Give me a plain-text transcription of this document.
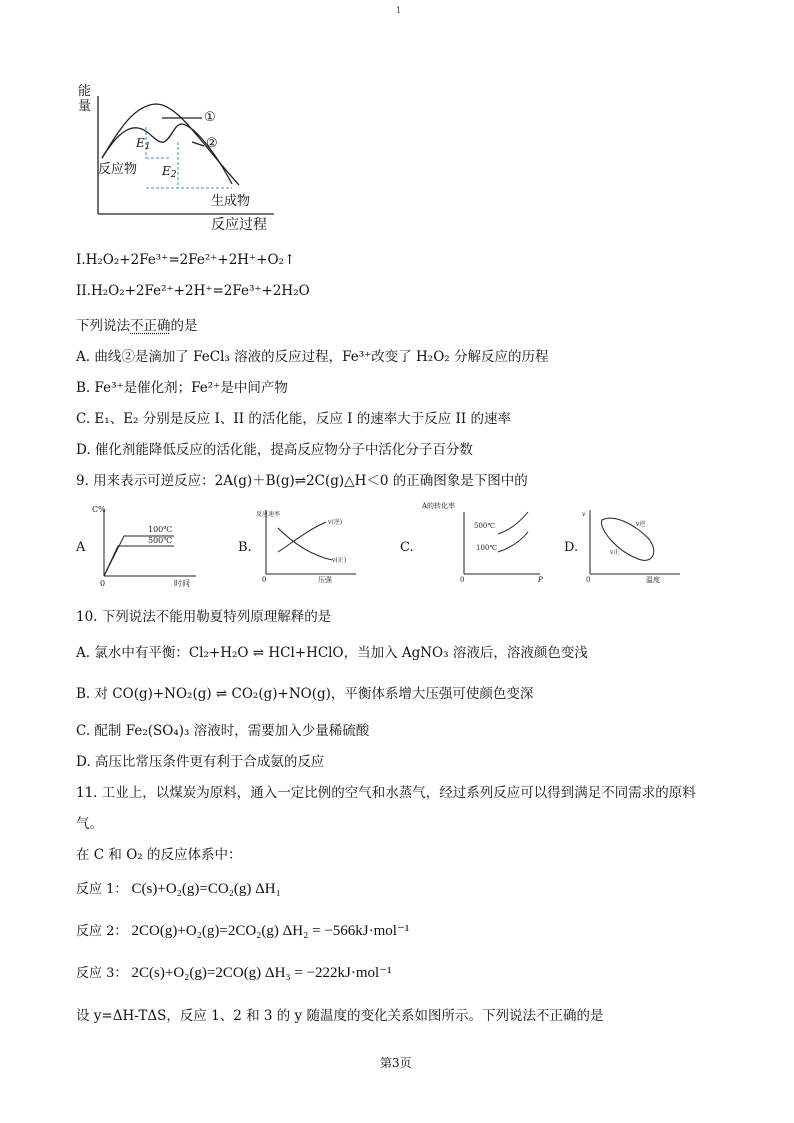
1
能量
①
②
$E_1$
$E_2$
反应物
生成物
反应过程
I.H₂O₂+2Fe³⁺=2Fe²⁺+2H⁺+O₂↑
II.H₂O₂+2Fe²⁺+2H⁺=2Fe³⁺+2H₂O
下列说法不正确的是
A. 曲线②是滴加了 FeCl₃ 溶液的反应过程，Fe³⁺改变了 H₂O₂ 分解反应的历程
B. Fe³⁺是催化剂；Fe²⁺是中间产物
C. E₁、E₂ 分别是反应 I、II 的活化能，反应 I 的速率大于反应 II 的速率
D. 催化剂能降低反应的活化能，提高反应物分子中活化分子百分数
9. 用来表示可逆反应：2A(g)＋B(g)⇌2C(g)△H＜0 的正确图象是下图中的
A
C%
100℃
500℃
0	时间
B.
反应速率
v(逆)
v(正)
0	压强
C.
A的转化率
500℃
100℃
0	P
D.
v
v逆
v正
0	温度
10. 下列说法不能用勒夏特列原理解释的是
A. 氯水中有平衡：Cl₂+H₂O ⇌ HCl+HClO，当加入 AgNO₃ 溶液后，溶液颜色变浅
B. 对 CO(g)+NO₂(g) ⇌ CO₂(g)+NO(g)，平衡体系增大压强可使颜色变深
C. 配制 Fe₂(SO₄)₃ 溶液时，需要加入少量稀硫酸
D. 高压比常压条件更有利于合成氨的反应
11. 工业上，以煤炭为原料，通入一定比例的空气和水蒸气，经过系列反应可以得到满足不同需求的原料
气。
在 C 和 O₂ 的反应体系中：
反应 1： C(s)+O₂(g)=CO₂(g) ΔH₁
反应 2： 2CO(g)+O₂(g)=2CO₂(g) ΔH₂ = −566kJ·mol⁻¹
反应 3： 2C(s)+O₂(g)=2CO(g) ΔH₃ = −222kJ·mol⁻¹
设 y=ΔH-TΔS，反应 1、2 和 3 的 y 随温度的变化关系如图所示。下列说法不正确的是
第3页
